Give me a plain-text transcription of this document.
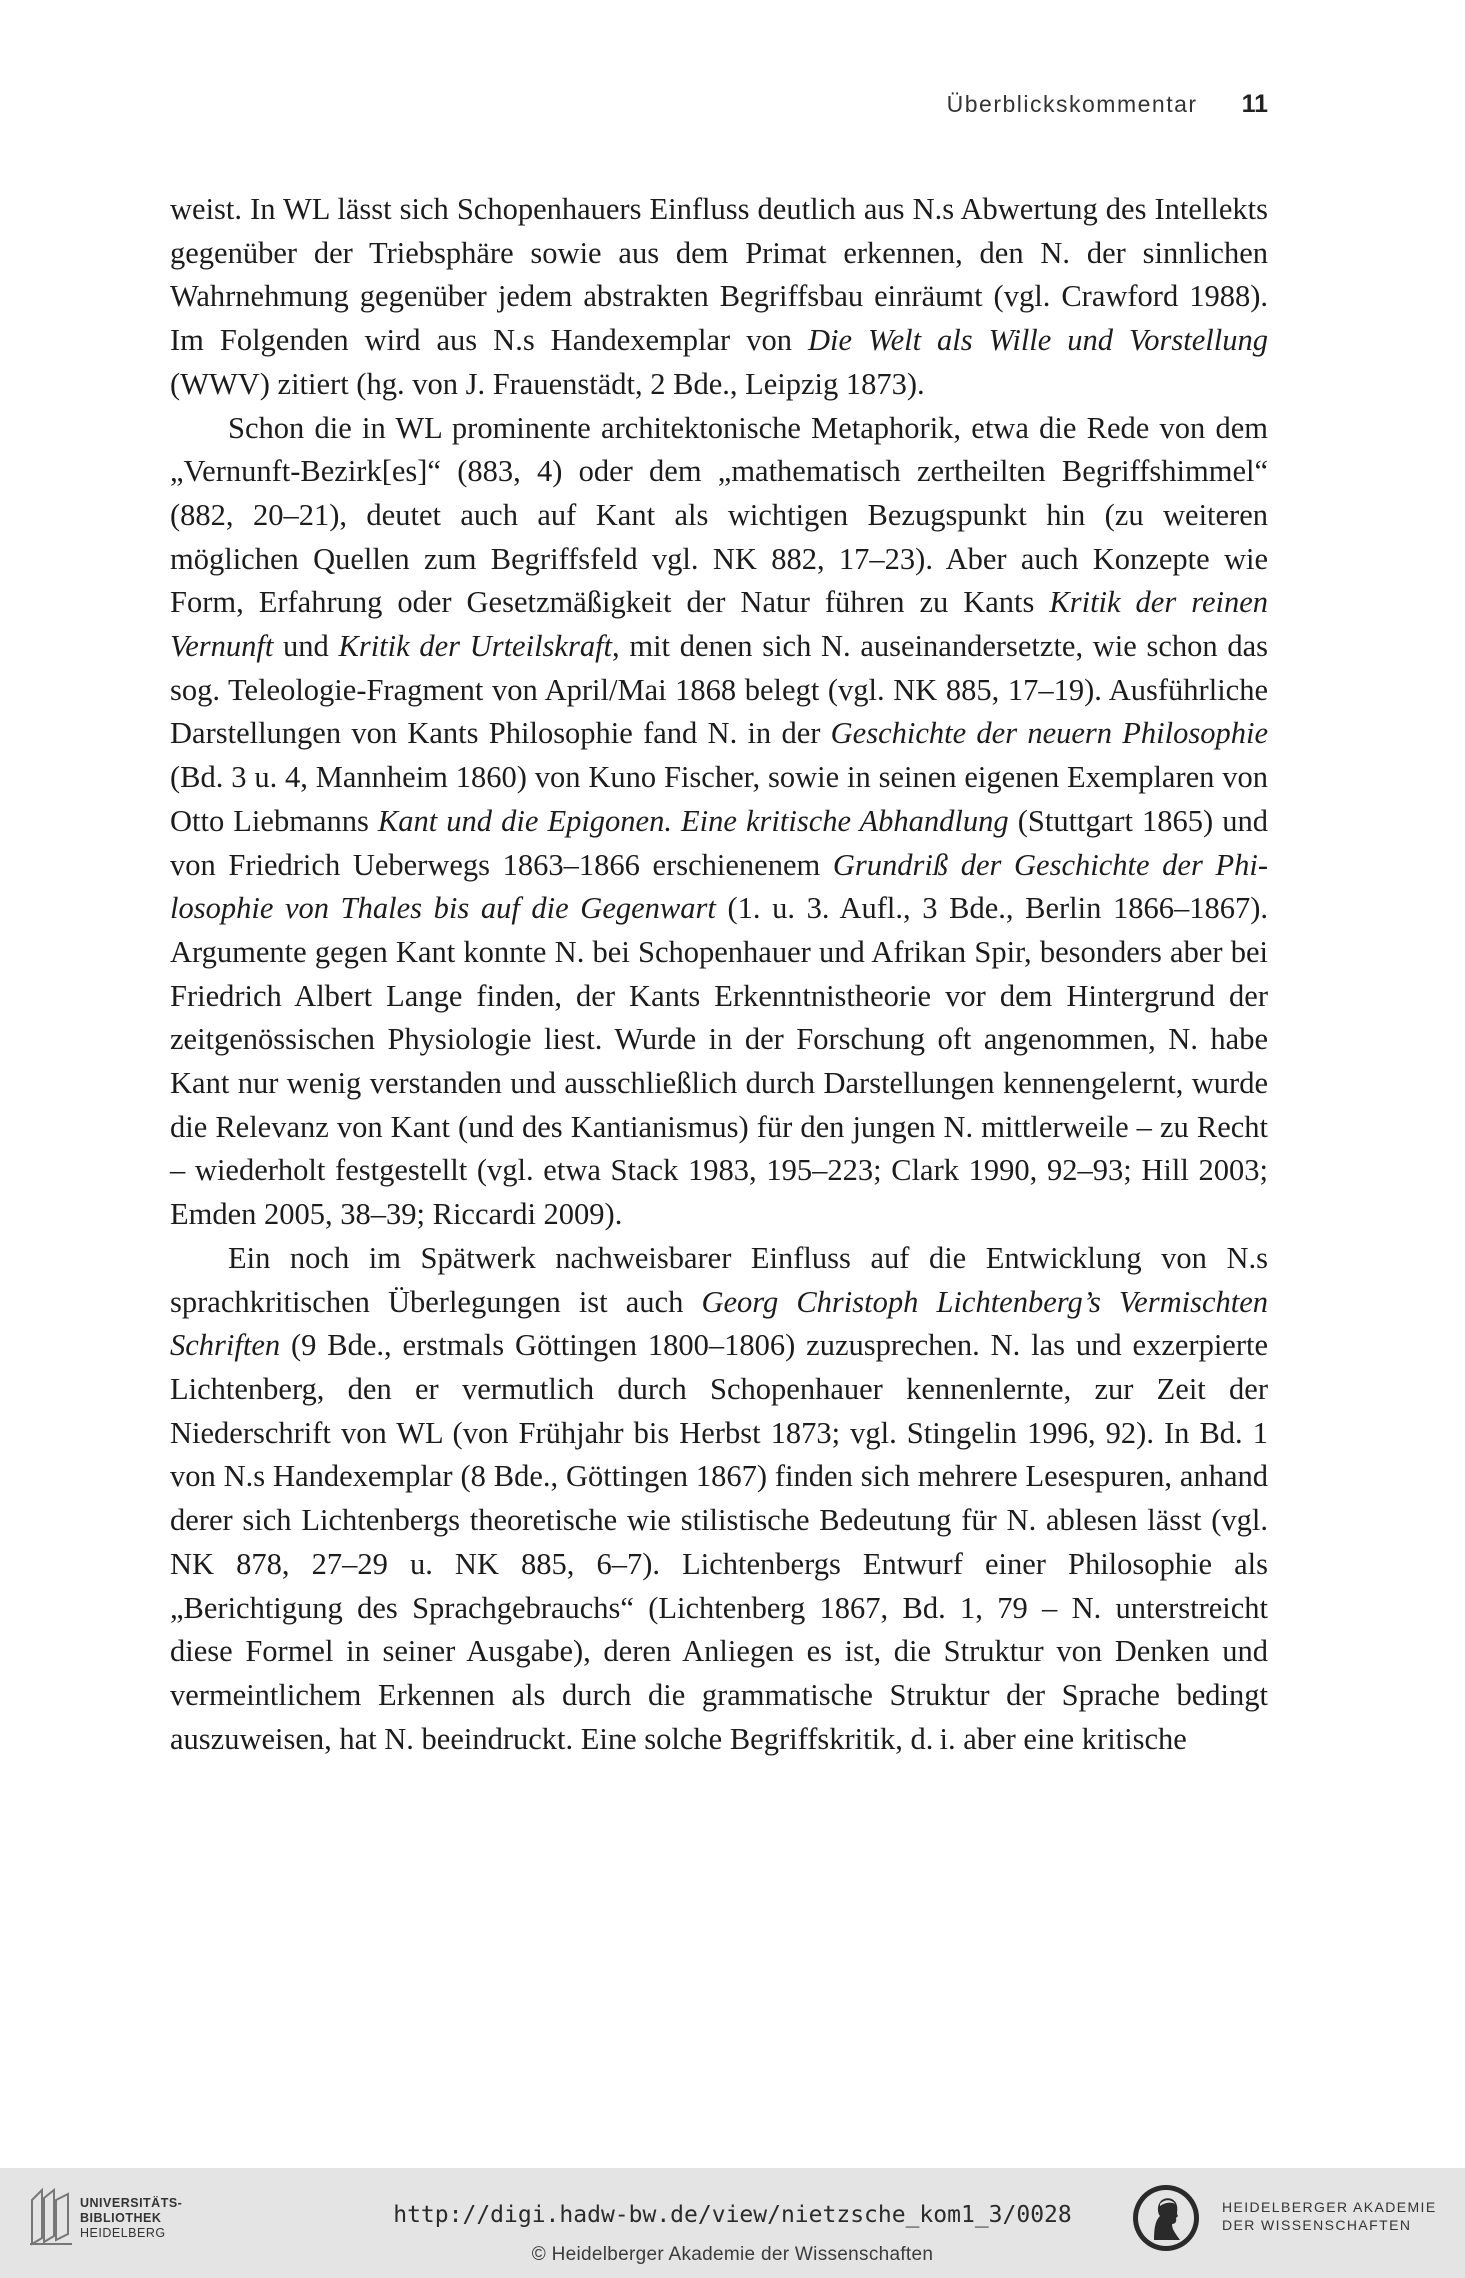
Überblickskommentar 11

weist. In WL lässt sich Schopenhauers Einfluss deutlich aus N.s Abwertung des Intellekts gegenüber der Triebsphäre sowie aus dem Primat erkennen, den N. der sinnlichen Wahrnehmung gegenüber jedem abstrakten Begriffsbau einräumt (vgl. Crawford 1988). Im Folgenden wird aus N.s Handexemplar von Die Welt als Wille und Vorstellung (WWV) zitiert (hg. von J. Frauenstädt, 2 Bde., Leipzig 1873).

Schon die in WL prominente architektonische Metaphorik, etwa die Rede von dem „Vernunft-Bezirk[es]“ (883, 4) oder dem „mathematisch zertheilten Begriffshimmel“ (882, 20–21), deutet auch auf Kant als wichtigen Bezugspunkt hin (zu weiteren möglichen Quellen zum Begriffsfeld vgl. NK 882, 17–23). Aber auch Konzepte wie Form, Erfahrung oder Gesetzmäßigkeit der Natur führen zu Kants Kritik der reinen Vernunft und Kritik der Urteilskraft, mit denen sich N. auseinandersetzte, wie schon das sog. Teleologie-Fragment von April/Mai 1868 belegt (vgl. NK 885, 17–19). Ausführliche Darstellungen von Kants Philosophie fand N. in der Geschichte der neuern Philosophie (Bd. 3 u. 4, Mannheim 1860) von Kuno Fischer, sowie in seinen eigenen Exemplaren von Otto Liebmanns Kant und die Epigonen. Eine kritische Abhandlung (Stuttgart 1865) und von Friedrich Ueberwegs 1863–1866 erschienenem Grundriß der Geschichte der Philosophie von Thales bis auf die Gegenwart (1. u. 3. Aufl., 3 Bde., Berlin 1866–1867). Argumente gegen Kant konnte N. bei Schopenhauer und Afrikan Spir, besonders aber bei Friedrich Albert Lange finden, der Kants Erkenntnistheorie vor dem Hintergrund der zeitgenössischen Physiologie liest. Wurde in der Forschung oft angenommen, N. habe Kant nur wenig verstanden und ausschließlich durch Darstellungen kennengelernt, wurde die Relevanz von Kant (und des Kantianismus) für den jungen N. mittlerweile – zu Recht – wiederholt festgestellt (vgl. etwa Stack 1983, 195–223; Clark 1990, 92–93; Hill 2003; Emden 2005, 38–39; Riccardi 2009).

Ein noch im Spätwerk nachweisbarer Einfluss auf die Entwicklung von N.s sprachkritischen Überlegungen ist auch Georg Christoph Lichtenberg’s Vermischten Schriften (9 Bde., erstmals Göttingen 1800–1806) zuzusprechen. N. las und exzerpierte Lichtenberg, den er vermutlich durch Schopenhauer kennenlernte, zur Zeit der Niederschrift von WL (von Frühjahr bis Herbst 1873; vgl. Stingelin 1996, 92). In Bd. 1 von N.s Handexemplar (8 Bde., Göttingen 1867) finden sich mehrere Lesespuren, anhand derer sich Lichtenbergs theoretische wie stilistische Bedeutung für N. ablesen lässt (vgl. NK 878, 27–29 u. NK 885, 6–7). Lichtenbergs Entwurf einer Philosophie als „Berichtigung des Sprachgebrauchs“ (Lichtenberg 1867, Bd. 1, 79 – N. unterstreicht diese Formel in seiner Ausgabe), deren Anliegen es ist, die Struktur von Denken und vermeintlichem Erkennen als durch die grammatische Struktur der Sprache bedingt auszuweisen, hat N. beeindruckt. Eine solche Begriffskritik, d. i. aber eine kritische

UNIVERSITÄTS-
BIBLIOTHEK
HEIDELBERG
http://digi.hadw-bw.de/view/nietzsche_kom1_3/0028
© Heidelberger Akademie der Wissenschaften
HEIDELBERGER AKADEMIE
DER WISSENSCHAFTEN
